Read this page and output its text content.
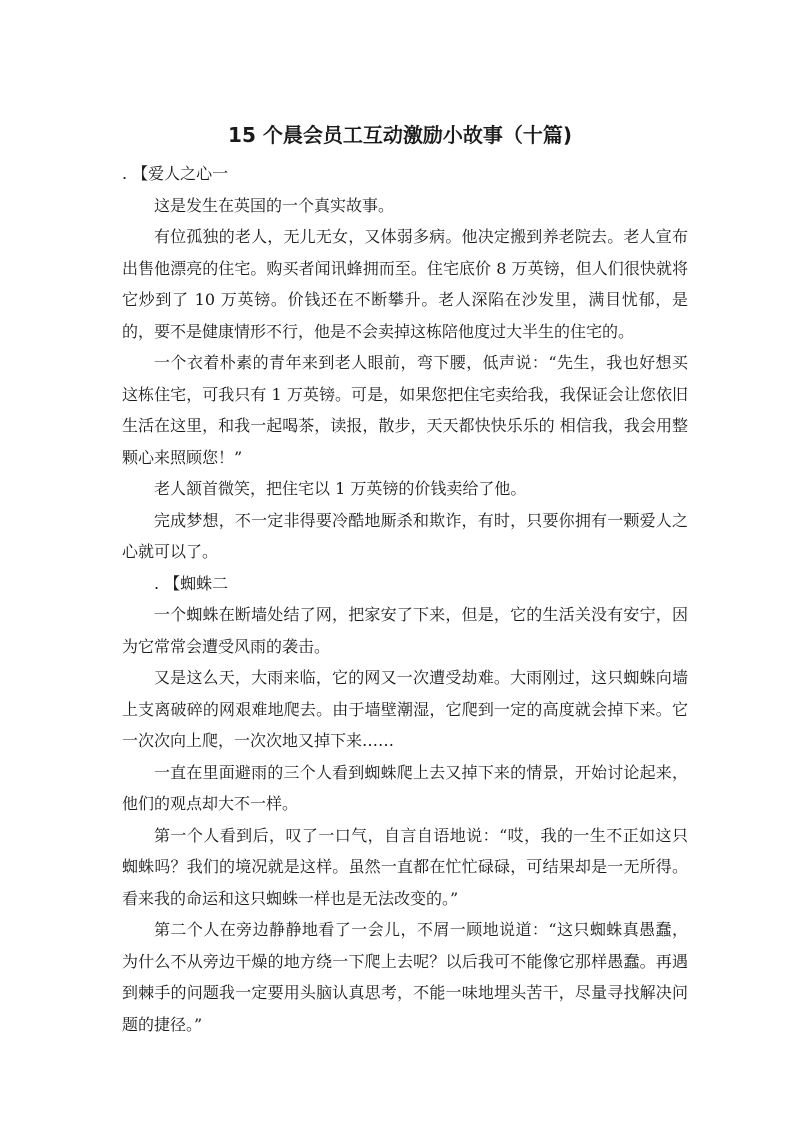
15 个晨会员工互动激励小故事（十篇)

. 【爱人之心一

这是发生在英国的一个真实故事。

有位孤独的老人，无儿无女，又体弱多病。他决定搬到养老院去。老人宣布出售他漂亮的住宅。购买者闻讯蜂拥而至。住宅底价 8 万英镑，但人们很快就将它炒到了 10 万英镑。价钱还在不断攀升。老人深陷在沙发里，满目忧郁，是的，要不是健康情形不行，他是不会卖掉这栋陪他度过大半生的住宅的。

一个衣着朴素的青年来到老人眼前，弯下腰，低声说：“先生，我也好想买这栋住宅，可我只有 1 万英镑。可是，如果您把住宅卖给我，我保证会让您依旧生活在这里，和我一起喝茶，读报，散步，天天都快快乐乐的 相信我，我会用整颗心来照顾您！”

老人颔首微笑，把住宅以 1 万英镑的价钱卖给了他。

完成梦想，不一定非得要冷酷地厮杀和欺诈，有时，只要你拥有一颗爱人之心就可以了。

. 【蜘蛛二

一个蜘蛛在断墙处结了网，把家安了下来，但是，它的生活关没有安宁，因为它常常会遭受风雨的袭击。

又是这么天，大雨来临，它的网又一次遭受劫难。大雨刚过，这只蜘蛛向墙上支离破碎的网艰难地爬去。由于墙壁潮湿，它爬到一定的高度就会掉下来。它一次次向上爬，一次次地又掉下来……

一直在里面避雨的三个人看到蜘蛛爬上去又掉下来的情景，开始讨论起来，他们的观点却大不一样。

第一个人看到后，叹了一口气，自言自语地说：“哎，我的一生不正如这只蜘蛛吗？我们的境况就是这样。虽然一直都在忙忙碌碌，可结果却是一无所得。看来我的命运和这只蜘蛛一样也是无法改变的。”

第二个人在旁边静静地看了一会儿，不屑一顾地说道：“这只蜘蛛真愚蠢，为什么不从旁边干燥的地方绕一下爬上去呢？以后我可不能像它那样愚蠢。再遇到棘手的问题我一定要用头脑认真思考，不能一味地埋头苦干，尽量寻找解决问题的捷径。”
